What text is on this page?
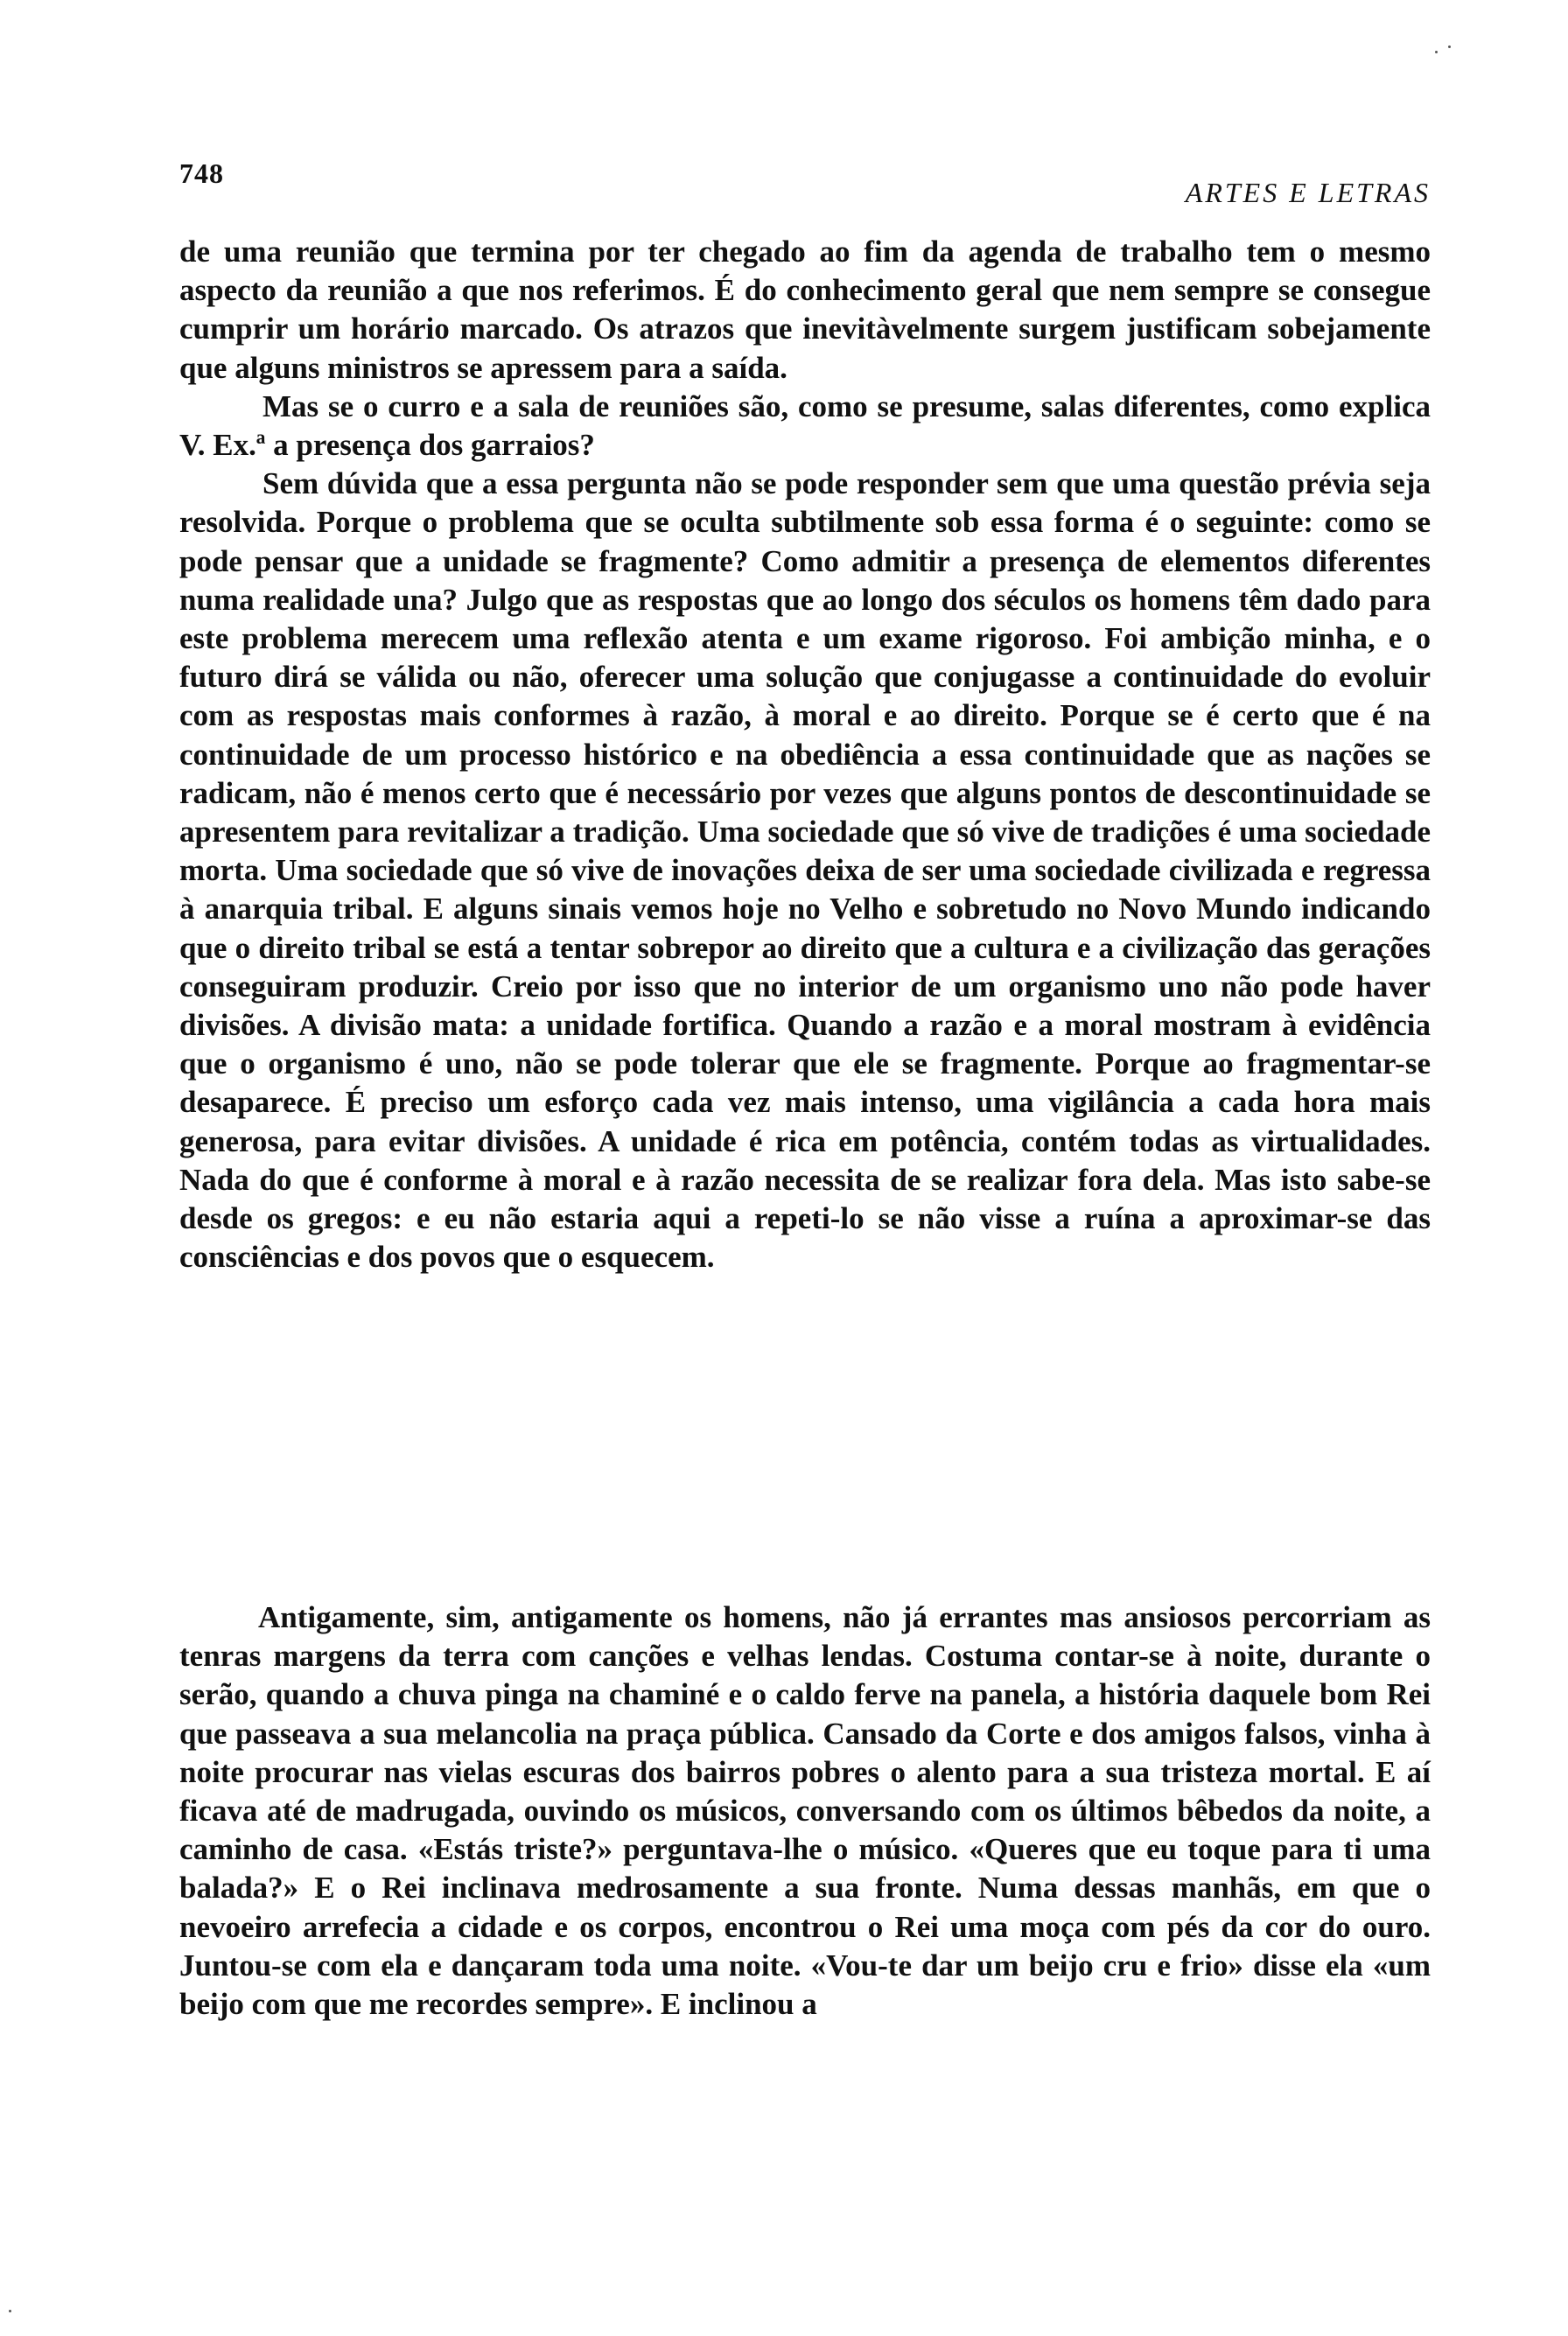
748
ARTES E LETRAS

de uma reunião que termina por ter chegado ao fim da agenda de trabalho tem o mesmo aspecto da reunião a que nos referimos. É do conhecimento geral que nem sempre se consegue cumprir um horário marcado. Os atrazos que inevitàvelmente surgem justificam sobejamente que alguns ministros se apressem para a saída.

Mas se o curro e a sala de reuniões são, como se presume, salas diferentes, como explica V. Ex.ª a presença dos garraios?

Sem dúvida que a essa pergunta não se pode responder sem que uma questão prévia seja resolvida. Porque o problema que se oculta subtilmente sob essa forma é o seguinte: como se pode pensar que a unidade se fragmente? Como admitir a presença de elementos diferentes numa realidade una? Julgo que as respostas que ao longo dos séculos os homens têm dado para este problema merecem uma reflexão atenta e um exame rigoroso. Foi ambição minha, e o futuro dirá se válida ou não, oferecer uma solução que conjugasse a continuidade do evoluir com as respostas mais conformes à razão, à moral e ao direito. Porque se é certo que é na continuidade de um processo histórico e na obediência a essa continuidade que as nações se radicam, não é menos certo que é necessário por vezes que alguns pontos de descontinuidade se apresentem para revitalizar a tradição. Uma sociedade que só vive de tradições é uma sociedade morta. Uma sociedade que só vive de inovações deixa de ser uma sociedade civilizada e regressa à anarquia tribal. E alguns sinais vemos hoje no Velho e sobretudo no Novo Mundo indicando que o direito tribal se está a tentar sobrepor ao direito que a cultura e a civilização das gerações conseguiram produzir. Creio por isso que no interior de um organismo uno não pode haver divisões. A divisão mata: a unidade fortifica. Quando a razão e a moral mostram à evidência que o organismo é uno, não se pode tolerar que ele se fragmente. Porque ao fragmentar-se desaparece. É preciso um esforço cada vez mais intenso, uma vigilância a cada hora mais generosa, para evitar divisões. A unidade é rica em potência, contém todas as virtualidades. Nada do que é conforme à moral e à razão necessita de se realizar fora dela. Mas isto sabe-se desde os gregos: e eu não estaria aqui a repeti-lo se não visse a ruína a aproximar-se das consciências e dos povos que o esquecem.

Antigamente, sim, antigamente os homens, não já errantes mas ansiosos percorriam as tenras margens da terra com canções e velhas lendas. Costuma contar-se à noite, durante o serão, quando a chuva pinga na chaminé e o caldo ferve na panela, a história daquele bom Rei que passeava a sua melancolia na praça pública. Cansado da Corte e dos amigos falsos, vinha à noite procurar nas vielas escuras dos bairros pobres o alento para a sua tristeza mortal. E aí ficava até de madrugada, ouvindo os músicos, conversando com os últimos bêbedos da noite, a caminho de casa. «Estás triste?» perguntava-lhe o músico. «Queres que eu toque para ti uma balada?» E o Rei inclinava medrosamente a sua fronte. Numa dessas manhãs, em que o nevoeiro arrefecia a cidade e os corpos, encontrou o Rei uma moça com pés da cor do ouro. Juntou-se com ela e dançaram toda uma noite. «Vou-te dar um beijo cru e frio» disse ela «um beijo com que me recordes sempre». E inclinou a
